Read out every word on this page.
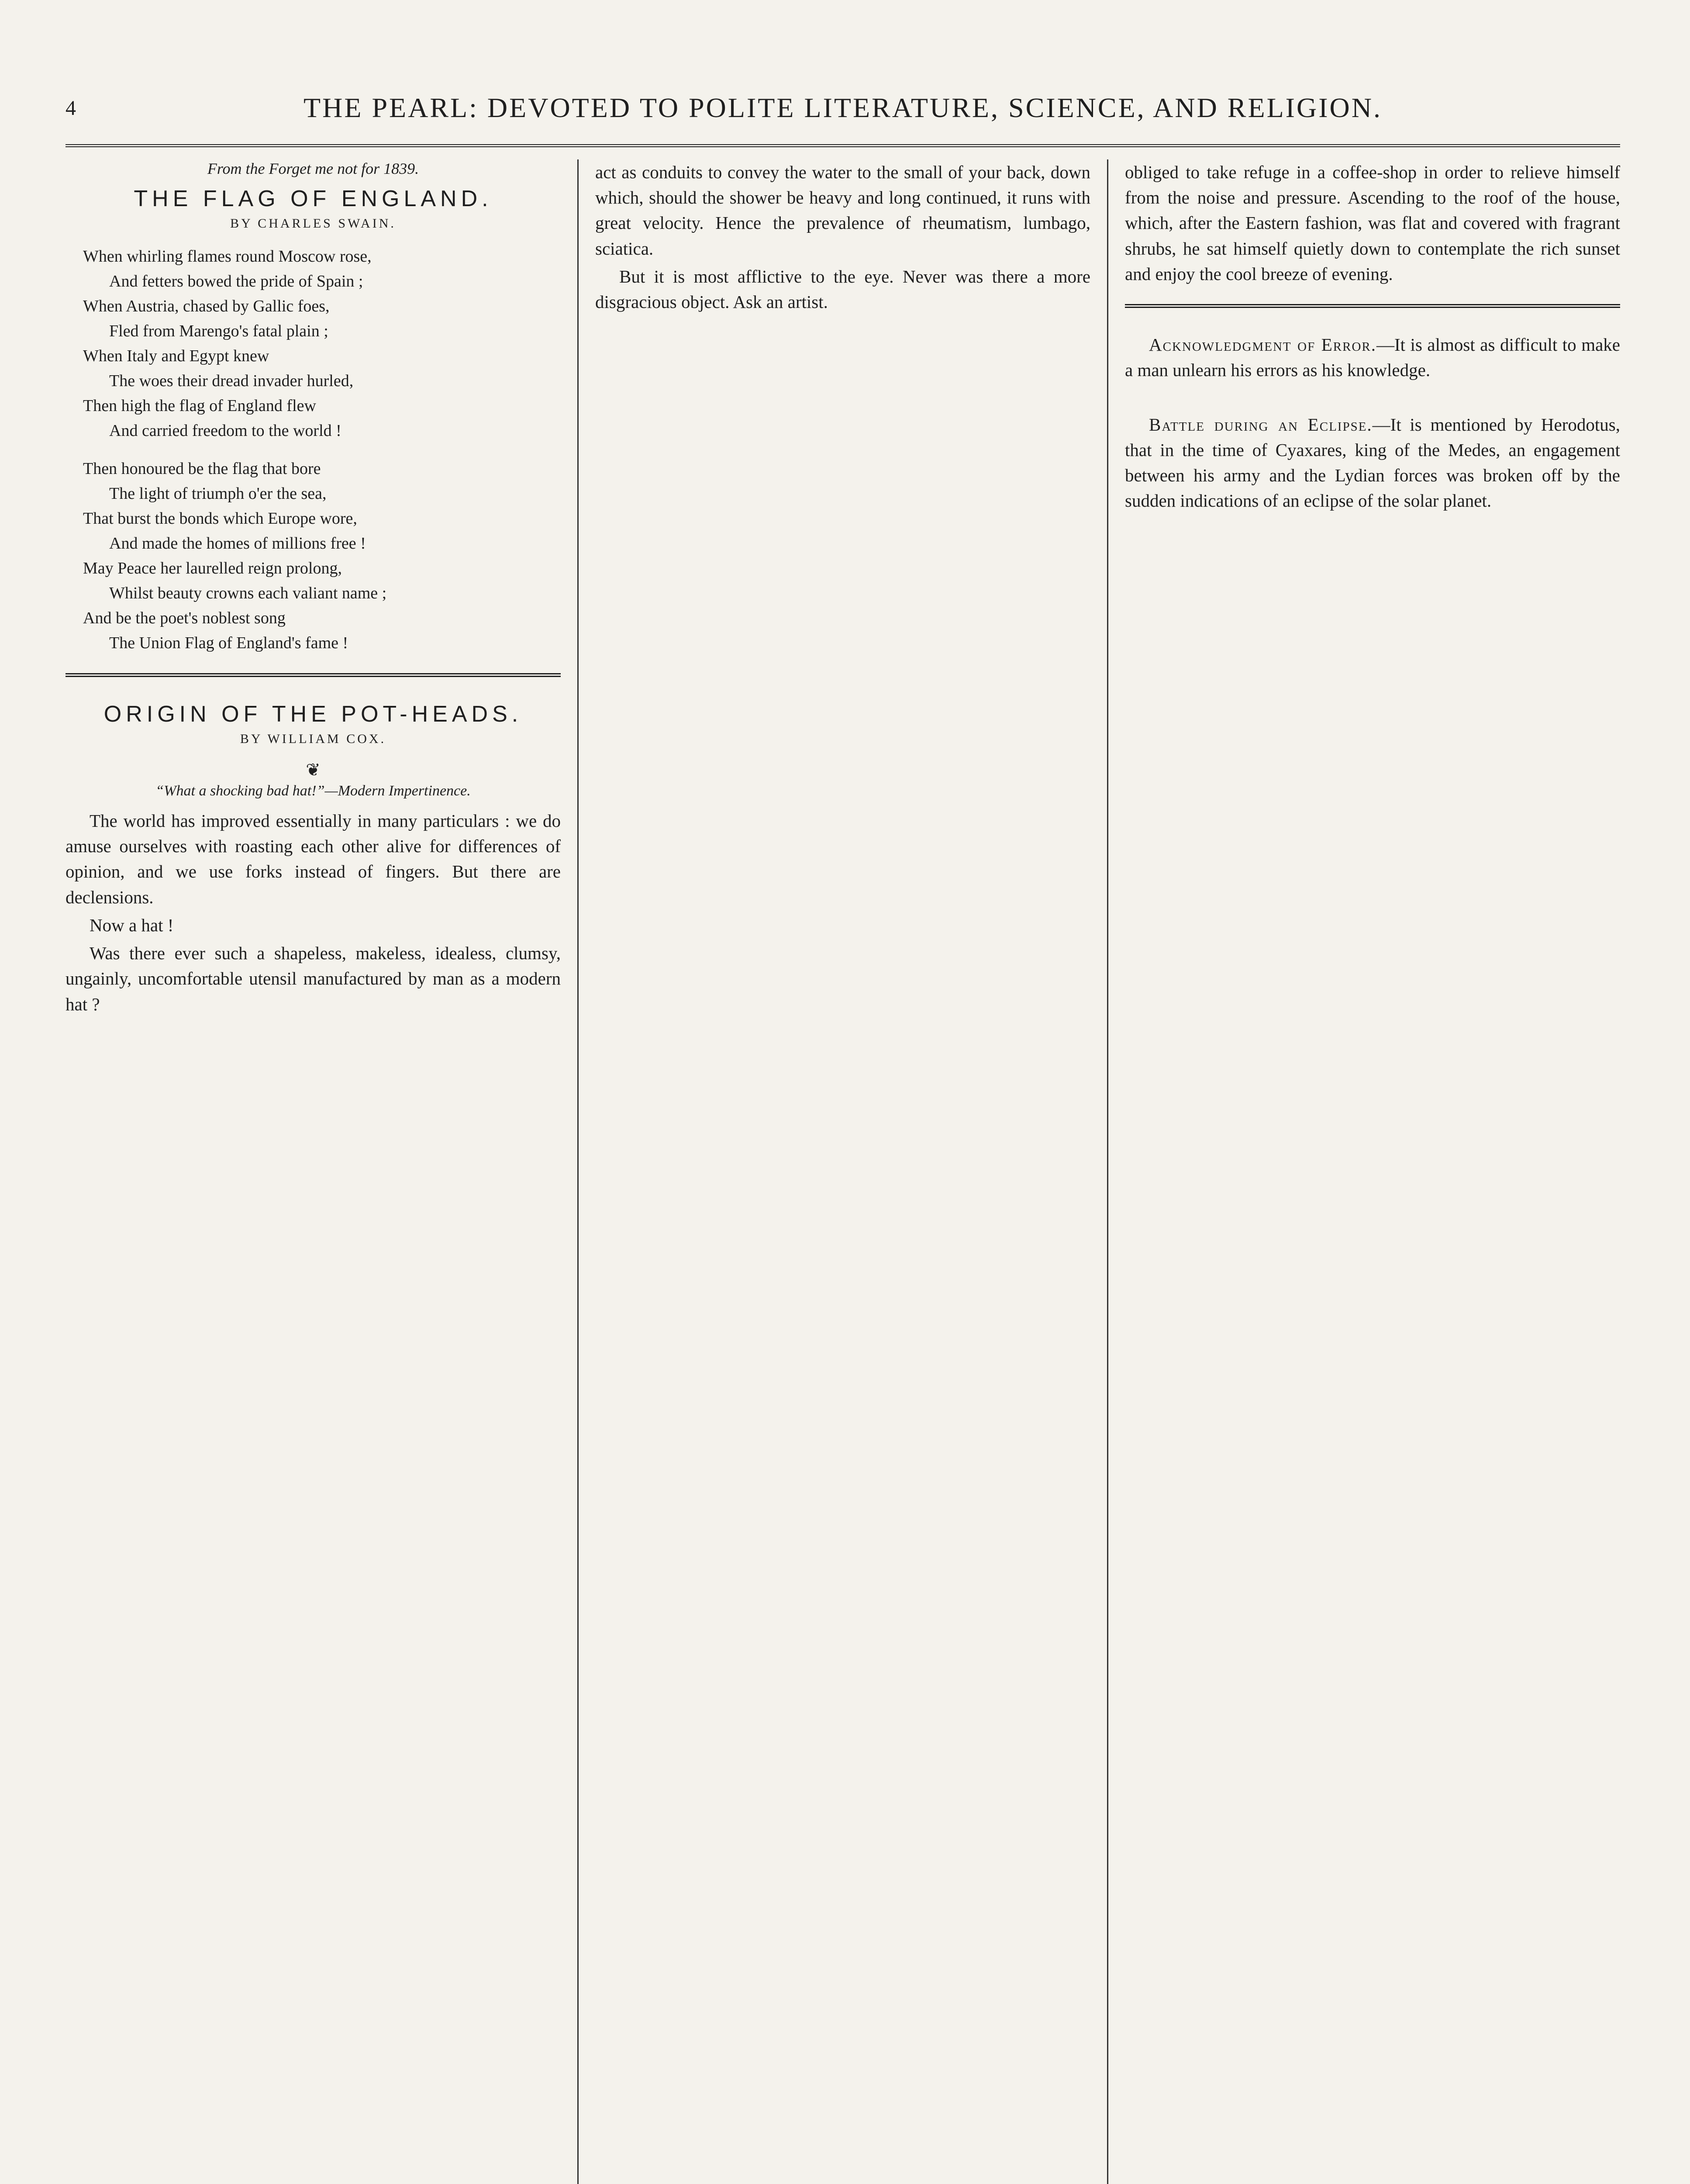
4	THE PEARL: DEVOTED TO POLITE LITERATURE, SCIENCE, AND RELIGION.
From the Forget me not for 1839.
THE FLAG OF ENGLAND.
BY CHARLES SWAIN.

When whirling flames round Moscow rose,

And fetters bowed the pride of Spain ;

When Austria, chased by Gallic foes,

Fled from Marengo's fatal plain ;

When Italy and Egypt knew

The woes their dread invader hurled,

Then high the flag of England flew

And carried freedom to the world !

Then honoured be the flag that bore

The light of triumph o'er the sea,

That burst the bonds which Europe wore,

And made the homes of millions free !

May Peace her laurelled reign prolong,

Whilst beauty crowns each valiant name ;

And be the poet's noblest song

The Union Flag of England's fame !

ORIGIN OF THE POT-HEADS.
BY WILLIAM COX.
❦
“What a shocking bad hat!”—Modern Impertinence.

The world has improved essentially in many particulars : we do amuse ourselves with roasting each other alive for differences of opinion, and we use forks instead of fingers. But there are declensions.

Now a hat !

Was there ever such a shapeless, makeless, idealess, clumsy, ungainly, uncomfortable utensil manufactured by man as a modern hat ?

act as conduits to convey the water to the small of your back, down which, should the shower be heavy and long continued, it runs with great velocity. Hence the prevalence of rheumatism, lumbago, sciatica.

But it is most afflictive to the eye. Never was there a more disgracious object. Ask an artist.

obliged to take refuge in a coffee-shop in order to relieve himself from the noise and pressure. Ascending to the roof of the house, which, after the Eastern fashion, was flat and covered with fragrant shrubs, he sat himself quietly down to contemplate the rich sunset and enjoy the cool breeze of evening.

Acknowledgment of Error.—It is almost as difficult to make a man unlearn his errors as his knowledge.

Battle during an Eclipse.—It is mentioned by Herodotus, that in the time of Cyaxares, king of the Medes, an engagement between his army and the Lydian forces was broken off by the sudden indications of an eclipse of the solar planet.
